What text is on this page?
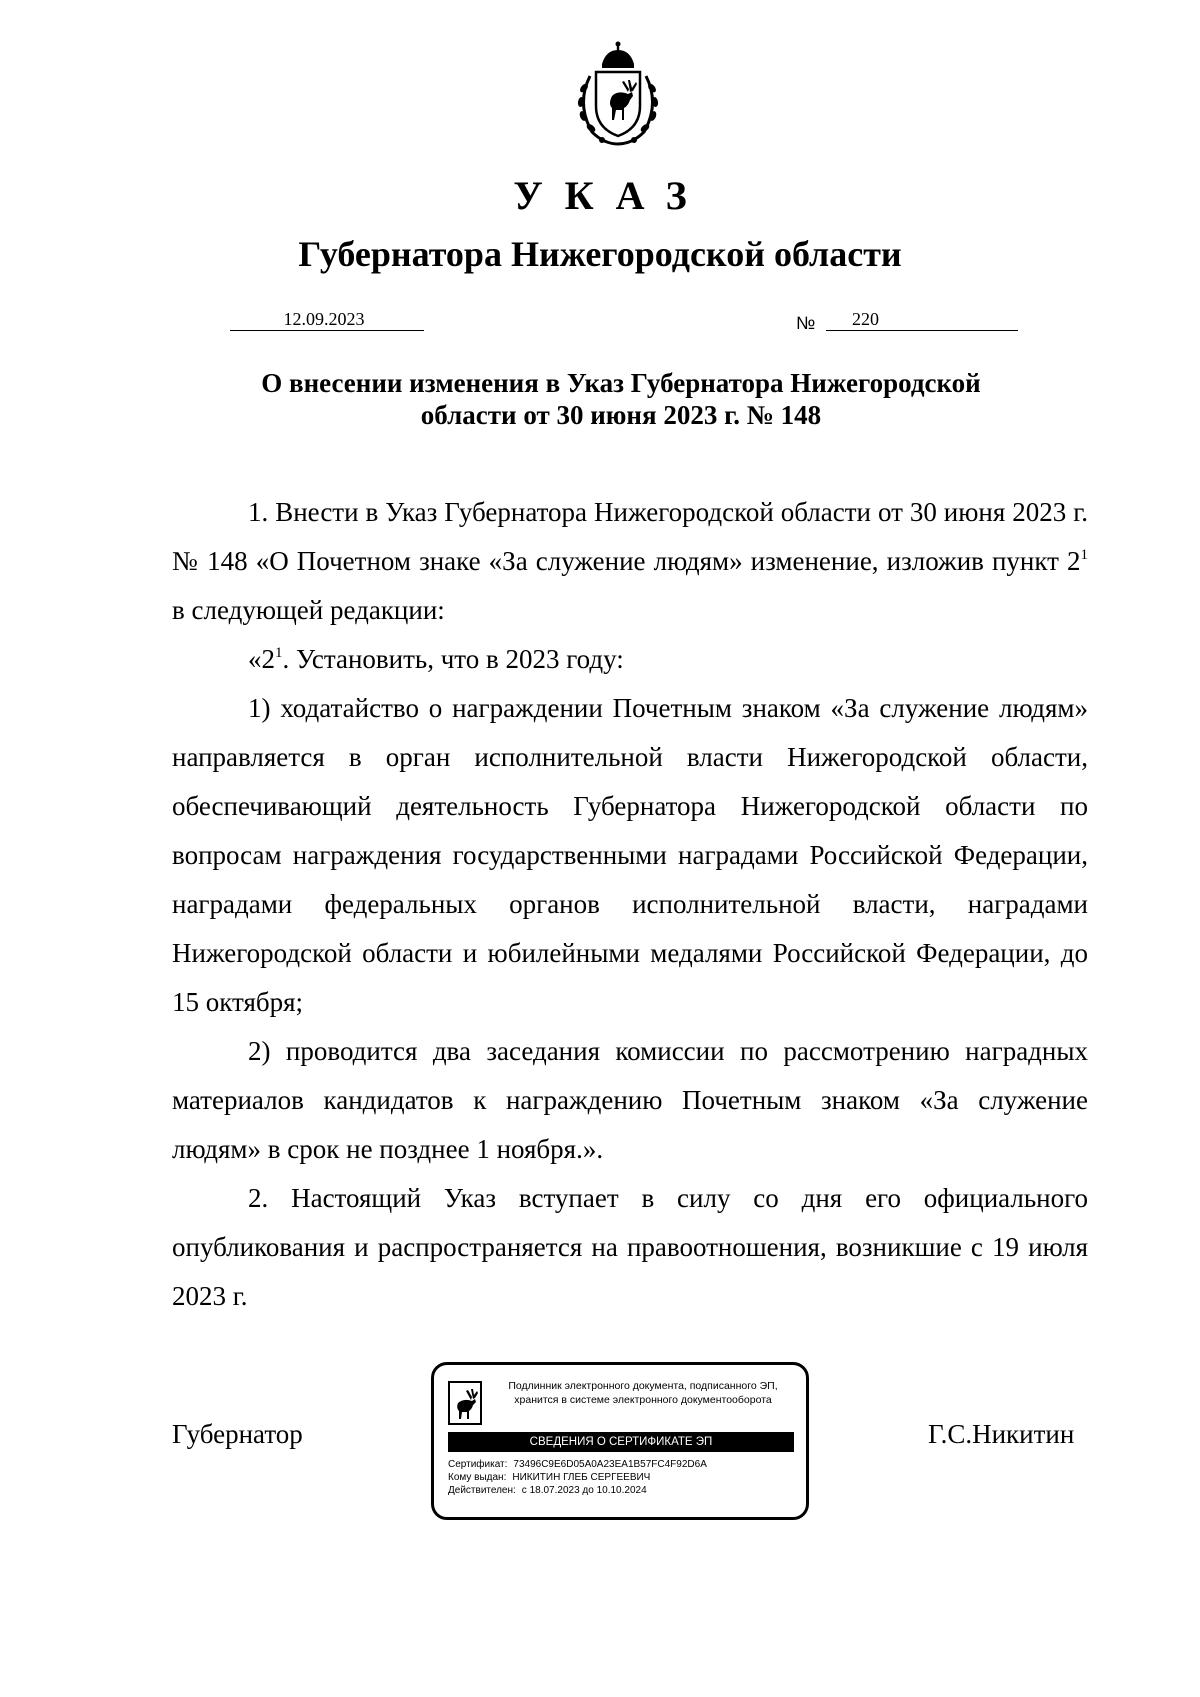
УКАЗ
Губернатора Нижегородской области
12.09.2023	№	220
О внесении изменения в Указ Губернатора Нижегородской
области от 30 июня 2023 г. № 148

1. Внести в Указ Губернатора Нижегородской области от 30 июня 2023 г. № 148 «О Почетном знаке «За служение людям» изменение, изложив пункт $2^1$ в следующей редакции:

«$2^1$. Установить, что в 2023 году:

1) ходатайство о награждении Почетным знаком «За служение людям» направляется в орган исполнительной власти Нижегородской области, обеспечивающий деятельность Губернатора Нижегородской области по вопросам награждения государственными наградами Российской Федерации, наградами федеральных органов исполнительной власти, наградами Нижегородской области и юбилейными медалями Российской Федерации, до 15 октября;

2) проводится два заседания комиссии по рассмотрению наградных материалов кандидатов к награждению Почетным знаком «За служение людям» в срок не позднее 1 ноября.».

2. Настоящий Указ вступает в силу со дня его официального опубликования и распространяется на правоотношения, возникшие с 19 июля 2023 г.

Губернатор	Г.С.Никитин
Подлинник электронного документа, подписанного ЭП,
хранится в системе электронного документооборота
СВЕДЕНИЯ О СЕРТИФИКАТЕ ЭП
Сертификат: 73496C9E6D05A0A23EA1B57FC4F92D6A
Кому выдан: НИКИТИН ГЛЕБ СЕРГЕЕВИЧ
Действителен: с 18.07.2023 до 10.10.2024
